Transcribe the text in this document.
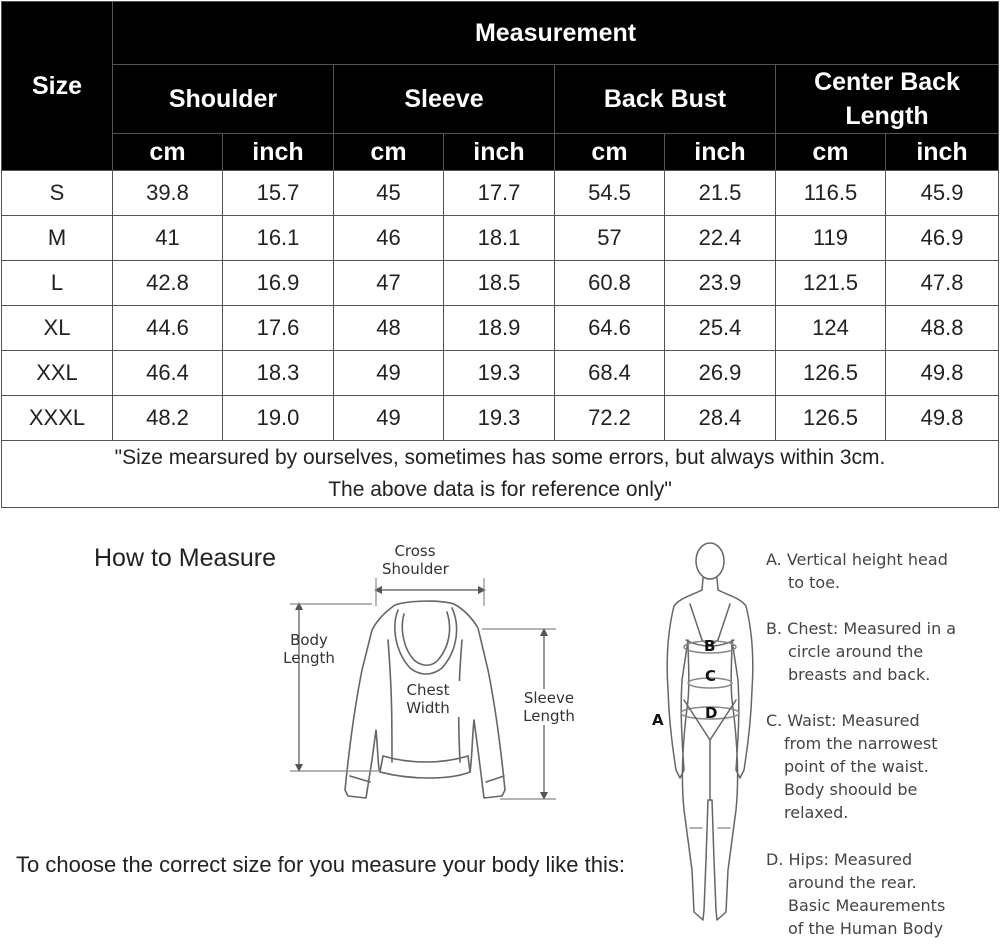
Size	Measurement							
	Shoulder		Sleeve		Back Bust		Center Back Length	
	cm	inch	cm	inch	cm	inch	cm	inch
S	39.8	15.7	45	17.7	54.5	21.5	116.5	45.9
M	41	16.1	46	18.1	57	22.4	119	46.9
L	42.8	16.9	47	18.5	60.8	23.9	121.5	47.8
XL	44.6	17.6	48	18.9	64.6	25.4	124	48.8
XXL	46.4	18.3	49	19.3	68.4	26.9	126.5	49.8
XXXL	48.2	19.0	49	19.3	72.2	28.4	126.5	49.8

"Size mearsured by ourselves, sometimes has some errors, but always within 3cm.
The above data is for reference only"								
How to Measure	Cross
Shoulder
Body
Length
Chest
Width
Sleeve
Length	A
B
C
D
A. Vertical height head
to toe.
B. Chest: Measured in a
circle around the
breasts and back.
C. Waist: Measured
from the narrowest
point of the waist.
Body shoould be
relaxed.
D. Hips: Measured
around the rear.
Basic Meaurements
of the Human Body
To choose the correct size for you measure your body like this:
